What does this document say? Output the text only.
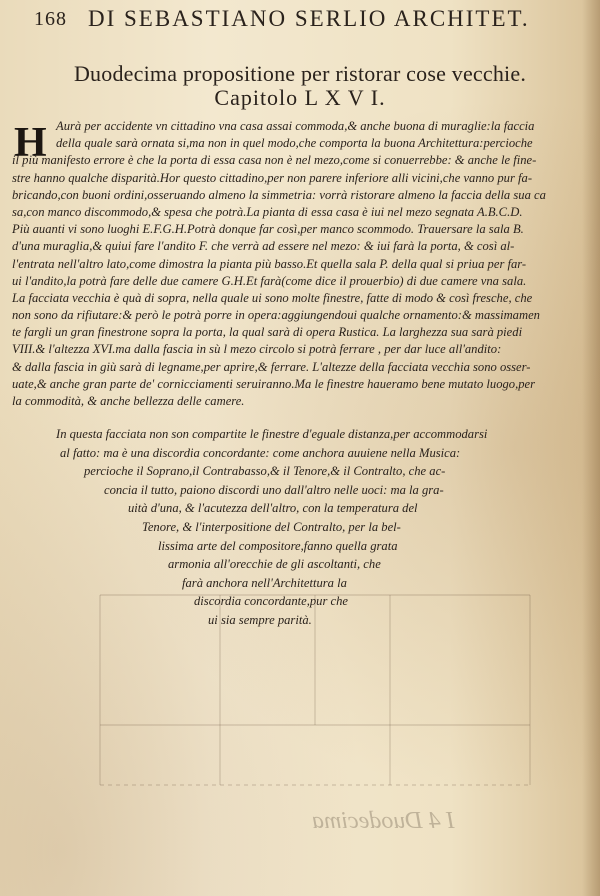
168 DI SEBASTIANO SERLIO ARCHITET.
Duodecima propositione per ristorar cose vecchie.
Capitolo L X V I.
H Aurà per accidente vn cittadino vna casa assai commoda,& anche buona di muraglie:la faccia
della quale sarà ornata si,ma non in quel modo,che comporta la buona Architettura:percioche
il più manifesto errore è che la porta di essa casa non è nel mezo,come si conuerrebbe: & anche le fine-
stre hanno qualche disparità.Hor questo cittadino,per non parere inferiore alli vicini,che vanno pur fa-
bricando,con buoni ordini,osseruando almeno la simmetria: vorrà ristorare almeno la faccia della sua ca
sa,con manco discommodo,& spesa che potrà.La pianta di essa casa è iui nel mezo segnata A.B.C.D.
Più auanti vi sono luoghi E.F.G.H.Potrà donque far così,per manco scommodo. Trauersare la sala B.
d'una muraglia,& quiui fare l'andito F. che verrà ad essere nel mezo: & iui farà la porta, & così al-
l'entrata nell'altro lato,come dimostra la pianta più basso.Et quella sala P. della qual si priua per far-
ui l'andito,la potrà fare delle due camere G.H.Et farà(come dice il prouerbio) di due camere vna sala.
La facciata vecchia è quà di sopra, nella quale ui sono molte finestre, fatte di modo & così fresche, che
non sono da rifiutare:& però le potrà porre in opera:aggiungendoui qualche ornamento:& massimamen
te fargli un gran finestrone sopra la porta, la qual sarà di opera Rustica. La larghezza sua sarà piedi
VIII.& l'altezza XVI.ma dalla fascia in sù l mezo circolo si potrà ferrare , per dar luce all'andito:
& dalla fascia in giù sarà di legname,per aprire,& ferrare. L'altezze della facciata vecchia sono osser-
uate,& anche gran parte de' cornicciamenti seruiranno.Ma le finestre haueramo bene mutato luogo,per
la commodità, & anche bellezza delle camere.
In questa facciata non son compartite le finestre d'eguale distanza,per accommodarsi
al fatto: ma è una discordia concordante: come anchora auuiene nella Musica:
percioche il Soprano,il Contrabasso,& il Tenore,& il Contralto, che ac-
concia il tutto, paiono discordi uno dall'altro nelle uoci: ma la gra-
uità d'una, & l'acutezza dell'altro, con la temperatura del
Tenore, & l'interpositione del Contralto, per la bel-
lissima arte del compositore,fanno quella grata
armonia all'orecchie de gli ascoltanti, che
farà anchora nell'Architettura la
discordia concordante,pur che
ui sia sempre parità.
I 4 Duodecima
